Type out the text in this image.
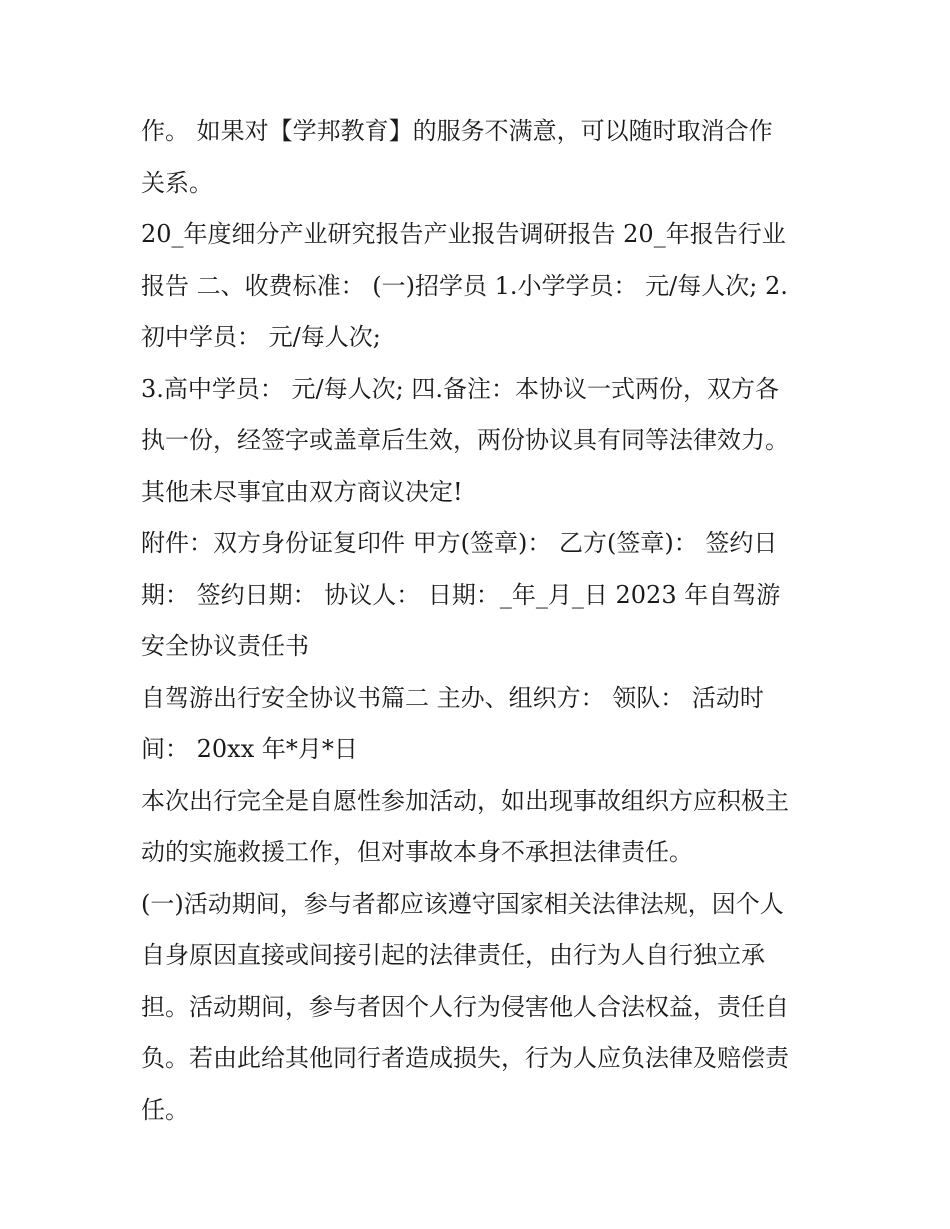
作。 如果对【学邦教育】的服务不满意，可以随时取消合作
关系。
20_年度细分产业研究报告产业报告调研报告 20_年报告行业
报告 二、收费标准： (一)招学员 1.小学学员： 元/每人次; 2.
初中学员： 元/每人次;
3.高中学员： 元/每人次; 四.备注：本协议一式两份，双方各
执一份，经签字或盖章后生效，两份协议具有同等法律效力。
其他未尽事宜由双方商议决定!
附件：双方身份证复印件 甲方(签章)： 乙方(签章)： 签约日
期： 签约日期： 协议人： 日期：_年_月_日 2023 年自驾游
安全协议责任书
自驾游出行安全协议书篇二 主办、组织方： 领队： 活动时
间： 20xx 年*月*日
本次出行完全是自愿性参加活动，如出现事故组织方应积极主
动的实施救援工作，但对事故本身不承担法律责任。
(一)活动期间，参与者都应该遵守国家相关法律法规，因个人
自身原因直接或间接引起的法律责任，由行为人自行独立承
担。活动期间，参与者因个人行为侵害他人合法权益，责任自
负。若由此给其他同行者造成损失，行为人应负法律及赔偿责
任。
